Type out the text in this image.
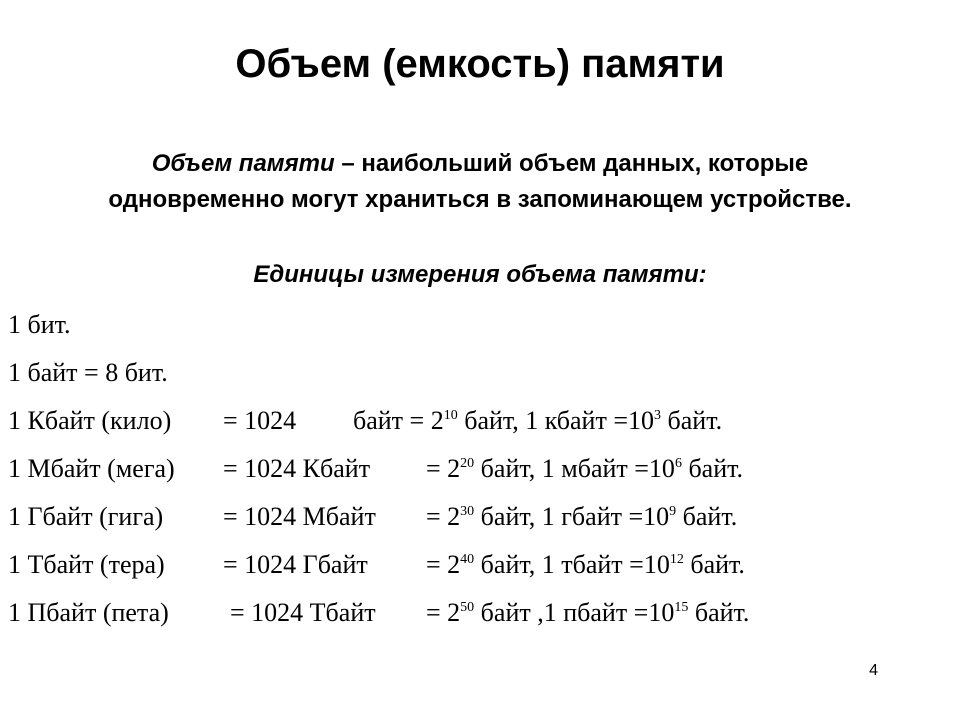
Объем (емкость) памяти
Объем памяти – наибольший объем данных, которые
одновременно могут храниться в запоминающем устройстве.
Единицы измерения объема памяти:
1 бит.
1 байт = 8 бит.
1 Кбайт (кило) = 1024 байт = $2^{10}$ байт, 1 кбайт $=10^3$ байт.
1 Мбайт (мега) = 1024 Кбайт = $2^{20}$ байт, 1 мбайт $=10^6$ байт.
1 Гбайт (гига) = 1024 Мбайт = $2^{30}$ байт, 1 гбайт $=10^9$ байт.
1 Тбайт (тера) = 1024 Гбайт = $2^{40}$ байт, 1 тбайт $=10^{12}$ байт.
1 Пбайт (пета) = 1024 Тбайт = $2^{50}$ байт ,1 пбайт $=10^{15}$ байт.
4
